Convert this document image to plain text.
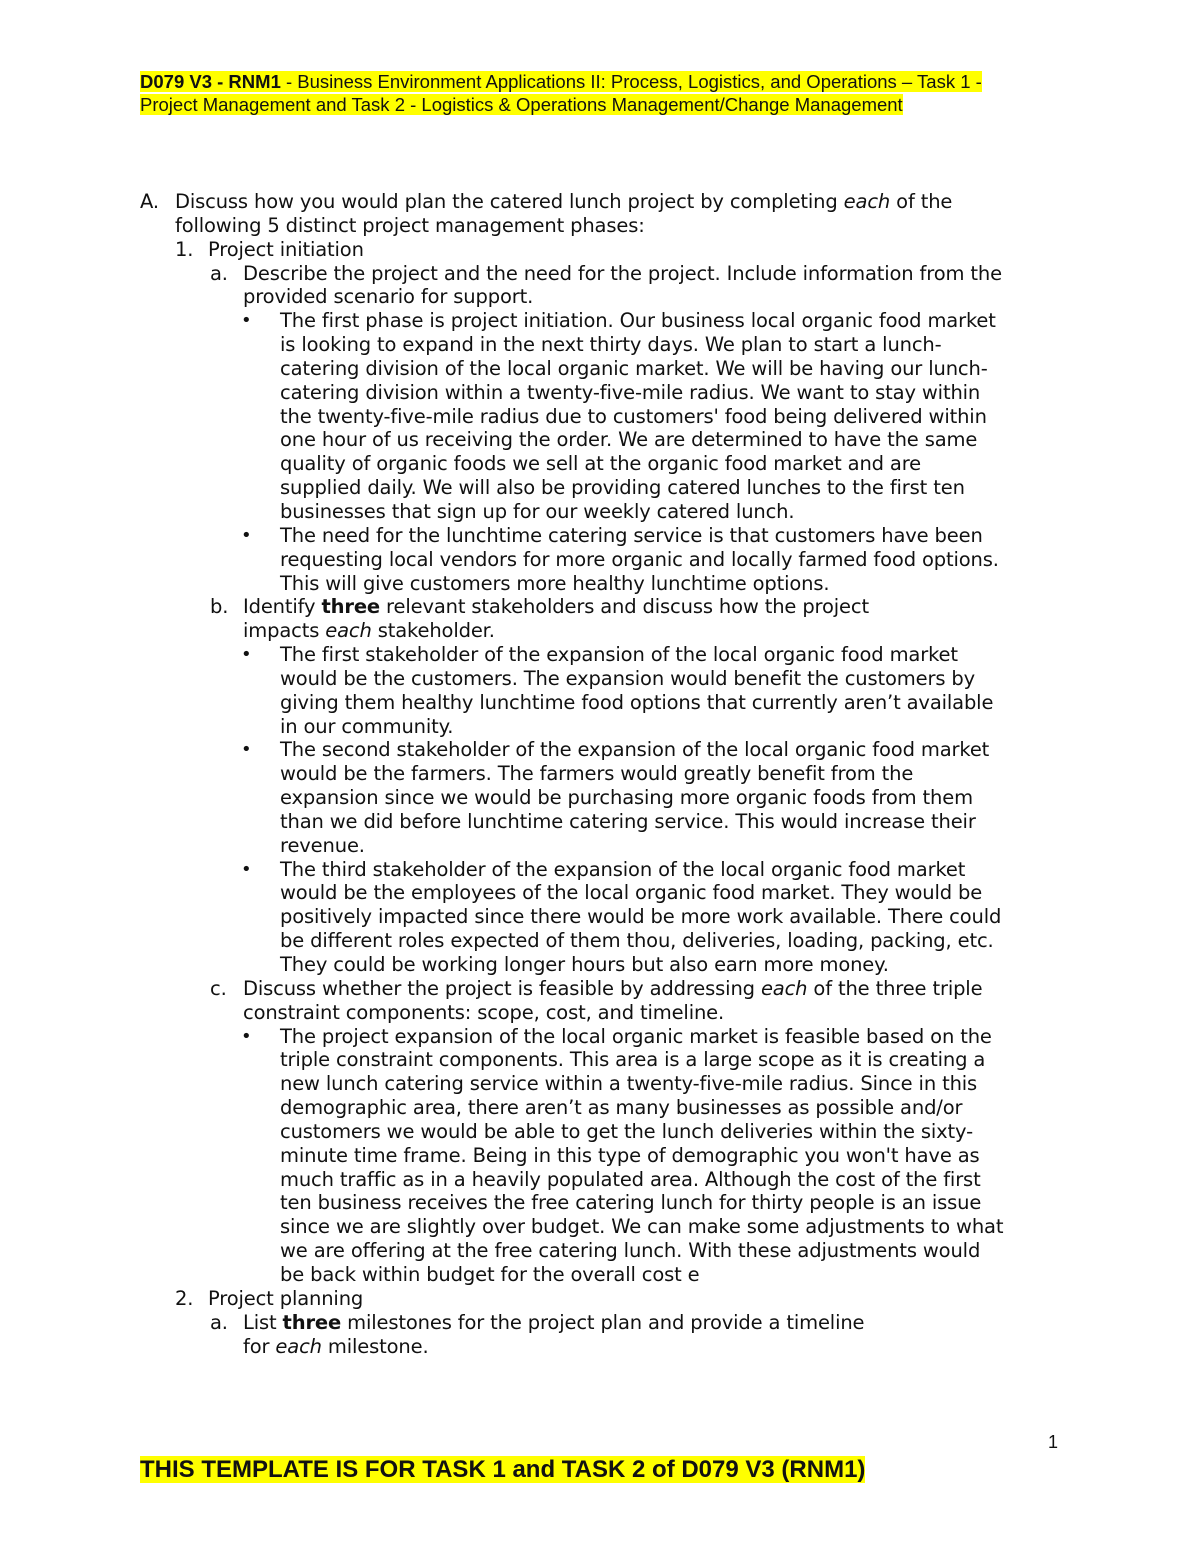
D079 V3 - RNM1 - Business Environment Applications II: Process, Logistics, and Operations – Task 1 -
Project Management and Task 2 - Logistics & Operations Management/Change Management
A. Discuss how you would plan the catered lunch project by completing each of the
following 5 distinct project management phases:
1. Project initiation
a. Describe the project and the need for the project. Include information from the
provided scenario for support.
• The first phase is project initiation. Our business local organic food market
is looking to expand in the next thirty days. We plan to start a lunch-
catering division of the local organic market. We will be having our lunch-
catering division within a twenty-five-mile radius. We want to stay within
the twenty-five-mile radius due to customers' food being delivered within
one hour of us receiving the order. We are determined to have the same
quality of organic foods we sell at the organic food market and are
supplied daily. We will also be providing catered lunches to the first ten
businesses that sign up for our weekly catered lunch.
• The need for the lunchtime catering service is that customers have been
requesting local vendors for more organic and locally farmed food options.
This will give customers more healthy lunchtime options.
b. Identify three relevant stakeholders and discuss how the project
impacts each stakeholder.
• The first stakeholder of the expansion of the local organic food market
would be the customers. The expansion would benefit the customers by
giving them healthy lunchtime food options that currently aren’t available
in our community.
• The second stakeholder of the expansion of the local organic food market
would be the farmers. The farmers would greatly benefit from the
expansion since we would be purchasing more organic foods from them
than we did before lunchtime catering service. This would increase their
revenue.
• The third stakeholder of the expansion of the local organic food market
would be the employees of the local organic food market. They would be
positively impacted since there would be more work available. There could
be different roles expected of them thou, deliveries, loading, packing, etc.
They could be working longer hours but also earn more money.
c. Discuss whether the project is feasible by addressing each of the three triple
constraint components: scope, cost, and timeline.
• The project expansion of the local organic market is feasible based on the
triple constraint components. This area is a large scope as it is creating a
new lunch catering service within a twenty-five-mile radius. Since in this
demographic area, there aren’t as many businesses as possible and/or
customers we would be able to get the lunch deliveries within the sixty-
minute time frame. Being in this type of demographic you won't have as
much traffic as in a heavily populated area. Although the cost of the first
ten business receives the free catering lunch for thirty people is an issue
since we are slightly over budget. We can make some adjustments to what
we are offering at the free catering lunch. With these adjustments would
be back within budget for the overall cost e
2. Project planning
a. List three milestones for the project plan and provide a timeline
for each milestone.
1
THIS TEMPLATE IS FOR TASK 1 and TASK 2 of D079 V3 (RNM1)
